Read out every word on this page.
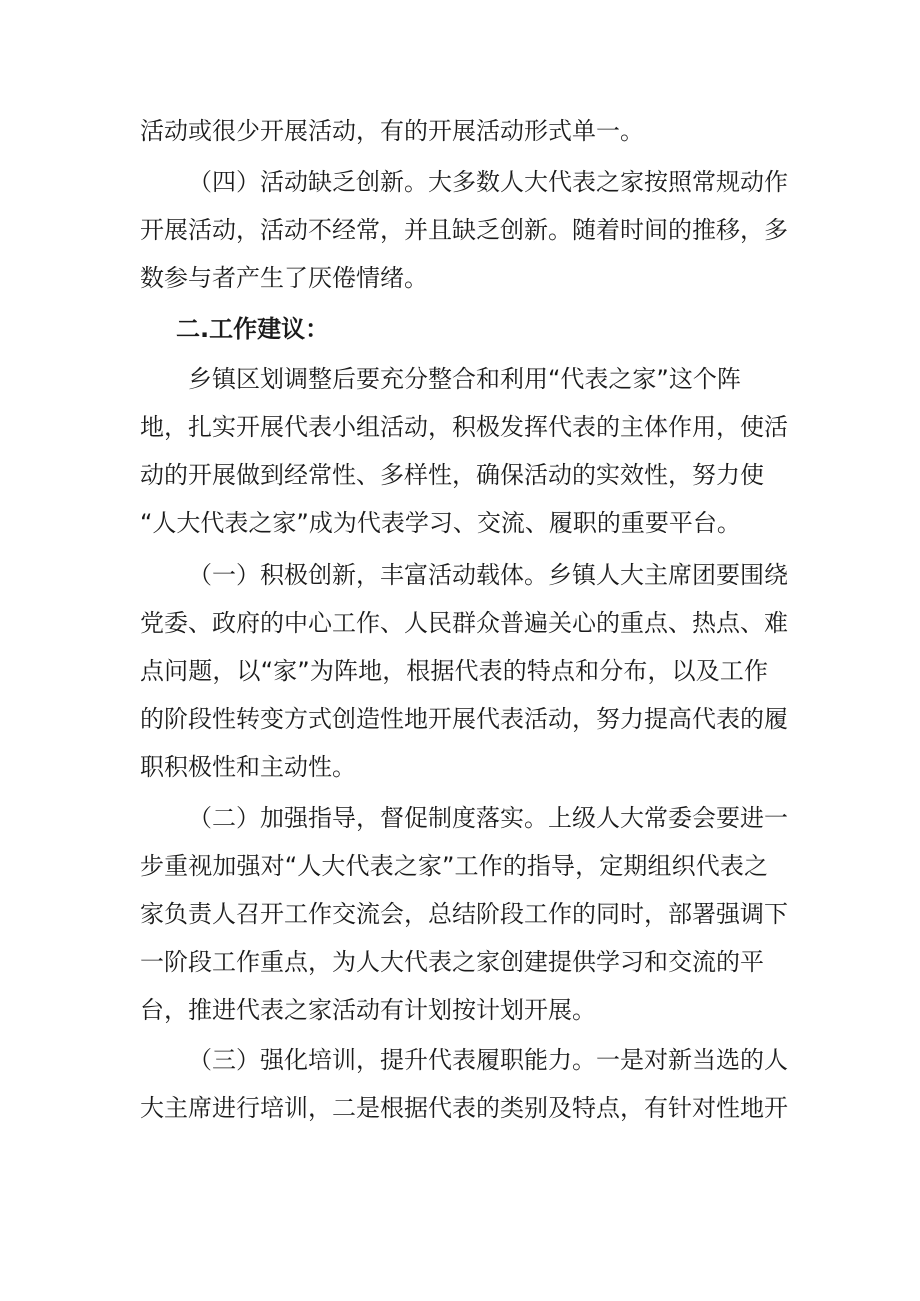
活动或很少开展活动，有的开展活动形式单一。
（四）活动缺乏创新。大多数人大代表之家按照常规动作
开展活动，活动不经常，并且缺乏创新。随着时间的推移，多
数参与者产生了厌倦情绪。
二.工作建议：
乡镇区划调整后要充分整合和利用“代表之家”这个阵
地，扎实开展代表小组活动，积极发挥代表的主体作用，使活
动的开展做到经常性、多样性，确保活动的实效性，努力使
“人大代表之家”成为代表学习、交流、履职的重要平台。
（一）积极创新，丰富活动载体。乡镇人大主席团要围绕
党委、政府的中心工作、人民群众普遍关心的重点、热点、难
点问题，以“家”为阵地，根据代表的特点和分布，以及工作
的阶段性转变方式创造性地开展代表活动，努力提高代表的履
职积极性和主动性。
（二）加强指导，督促制度落实。上级人大常委会要进一
步重视加强对“人大代表之家”工作的指导，定期组织代表之
家负责人召开工作交流会，总结阶段工作的同时，部署强调下
一阶段工作重点，为人大代表之家创建提供学习和交流的平
台，推进代表之家活动有计划按计划开展。
（三）强化培训，提升代表履职能力。一是对新当选的人
大主席进行培训，二是根据代表的类别及特点，有针对性地开
